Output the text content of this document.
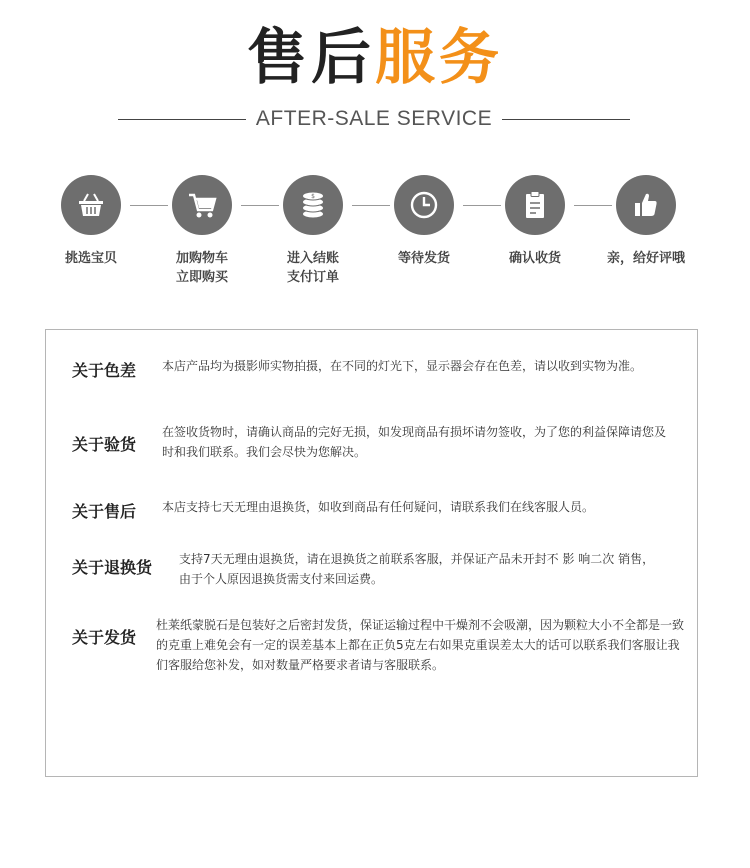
售后服务
AFTER-SALE SERVICE
挑选宝贝	加购物车
立即购买
$
进入结账
支付订单
等待发货	确认收货	亲，给好评哦
关于色差 本店产品均为摄影师实物拍摄，在不同的灯光下，显示器会存在色差，请以收到实物为准。
关于验货
在签收货物时，请确认商品的完好无损，如发现商品有损坏请勿签收，为了您的利益保障请您及时和我们联系。我们会尽快为您解决。
关于售后 本店支持七天无理由退换货，如收到商品有任何疑问，请联系我们在线客服人员。
关于退换货 支持7天无理由退换货，请在退换货之前联系客服，并保证产品未开封不 影 响二次 销售，　由于个人原因退换货需支付来回运费。
关于发货
杜莱纸蒙脱石是包装好之后密封发货，保证运输过程中干燥剂不会吸潮，因为颗粒大小不全都是一致的克重上难免会有一定的误差基本上都在正负5克左右如果克重误差太大的话可以联系我们客服让我们客服给您补发，如对数量严格要求者请与客服联系。
